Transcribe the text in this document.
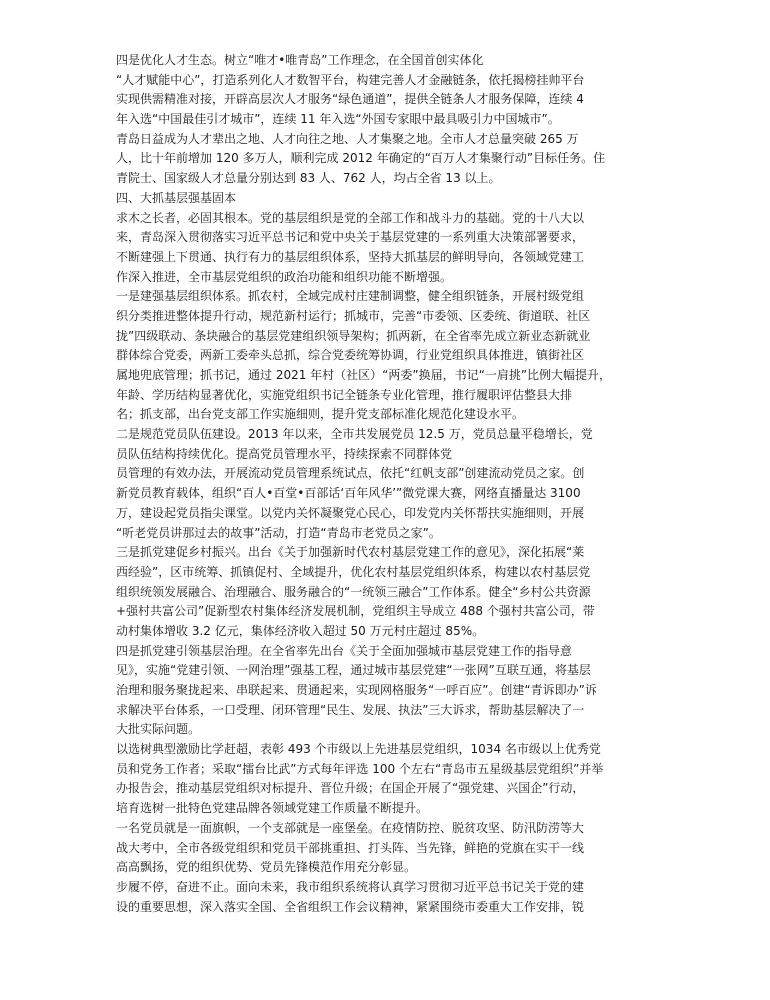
四是优化人才生态。树立“唯才•唯青岛”工作理念，在全国首创实体化
“人才赋能中心”，打造系列化人才数智平台，构建完善人才金融链条，依托揭榜挂帅平台
实现供需精准对接，开辟高层次人才服务“绿色通道”，提供全链条人才服务保障，连续 4
年入选“中国最佳引才城市”，连续 11 年入选“外国专家眼中最具吸引力中国城市”。
青岛日益成为人才辈出之地、人才向往之地、人才集聚之地。全市人才总量突破 265 万
人，比十年前增加 120 多万人，顺利完成 2012 年确定的“百万人才集聚行动”目标任务。住
青院士、国家级人才总量分别达到 83 人、762 人，均占全省 13 以上。
四、大抓基层强基固本
求木之长者，必固其根本。党的基层组织是党的全部工作和战斗力的基础。党的十八大以
来，青岛深入贯彻落实习近平总书记和党中央关于基层党建的一系列重大决策部署要求，
不断建强上下贯通、执行有力的基层组织体系，坚持大抓基层的鲜明导向，各领域党建工
作深入推进，全市基层党组织的政治功能和组织功能不断增强。
一是建强基层组织体系。抓农村，全域完成村庄建制调整，健全组织链条，开展村级党组
织分类推进整体提升行动，规范新村运行；抓城市，完善“市委领、区委统、街道联、社区
拢”四级联动、条块融合的基层党建组织领导架构；抓两新，在全省率先成立新业态新就业
群体综合党委，两新工委牵头总抓，综合党委统筹协调，行业党组织具体推进，镇街社区
属地兜底管理；抓书记，通过 2021 年村（社区）“两委”换届，书记“一肩挑”比例大幅提升，
年龄、学历结构显著优化，实施党组织书记全链条专业化管理，推行履职评估整县大排
名；抓支部，出台党支部工作实施细则，提升党支部标准化规范化建设水平。
二是规范党员队伍建设。2013 年以来，全市共发展党员 12.5 万，党员总量平稳增长，党
员队伍结构持续优化。提高党员管理水平，持续探索不同群体党
员管理的有效办法，开展流动党员管理系统试点，依托“红帆支部”创建流动党员之家。创
新党员教育载体，组织“百人•百堂•百部话‘百年风华’”微党课大赛，网络直播量达 3100
万，建设起党员指尖课堂。以党内关怀凝聚党心民心，印发党内关怀帮扶实施细则，开展
“听老党员讲那过去的故事”活动，打造“青岛市老党员之家”。
三是抓党建促乡村振兴。出台《关于加强新时代农村基层党建工作的意见》，深化拓展“莱
西经验”，区市统筹、抓镇促村、全域提升，优化农村基层党组织体系，构建以农村基层党
组织统领发展融合、治理融合、服务融合的“一统领三融合”工作体系。健全“乡村公共资源
+强村共富公司”促新型农村集体经济发展机制，党组织主导成立 488 个强村共富公司，带
动村集体增收 3.2 亿元，集体经济收入超过 50 万元村庄超过 85%。
四是抓党建引领基层治理。在全省率先出台《关于全面加强城市基层党建工作的指导意
见》，实施“党建引领、一网治理”强基工程，通过城市基层党建“一张网”互联互通，将基层
治理和服务聚拢起来、串联起来、贯通起来，实现网格服务“一呼百应”。创建“青诉即办”诉
求解决平台体系，一口受理、闭环管理“民生、发展、执法”三大诉求，帮助基层解决了一
大批实际问题。
以选树典型激励比学赶超，表彰 493 个市级以上先进基层党组织，1034 名市级以上优秀党
员和党务工作者；采取“擂台比武”方式每年评选 100 个左右“青岛市五星级基层党组织”并举
办报告会，推动基层党组织对标提升、晋位升级；在国企开展了“强党建、兴国企”行动，
培育选树一批特色党建品牌各领域党建工作质量不断提升。
一名党员就是一面旗帜，一个支部就是一座堡垒。在疫情防控、脱贫攻坚、防汛防涝等大
战大考中，全市各级党组织和党员干部挑重担、打头阵、当先锋，鲜艳的党旗在实干一线
高高飘扬，党的组织优势、党员先锋模范作用充分彰显。
步履不停，奋进不止。面向未来，我市组织系统将认真学习贯彻习近平总书记关于党的建
设的重要思想，深入落实全国、全省组织工作会议精神，紧紧围绕市委重大工作安排，锐
